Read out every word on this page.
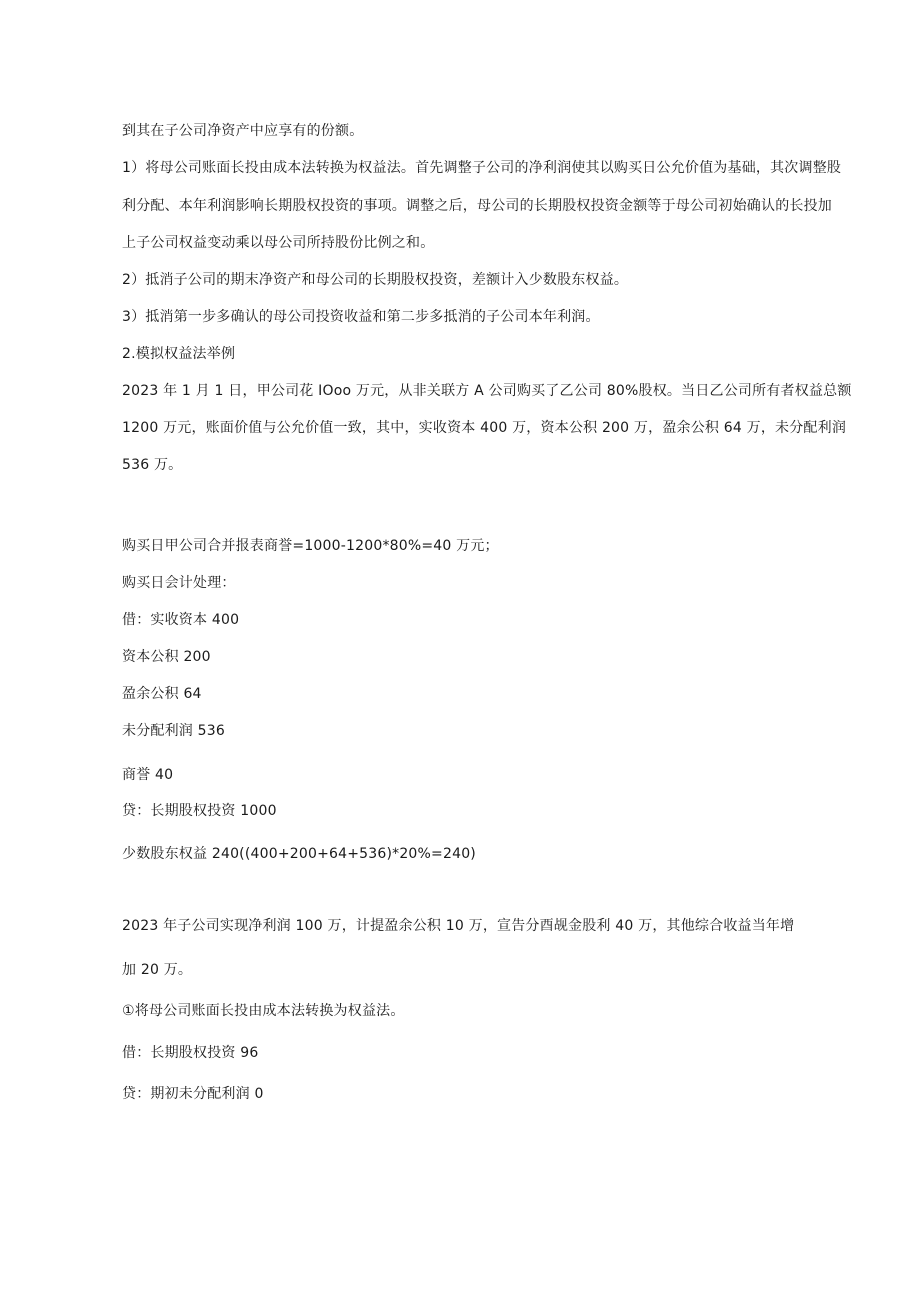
到其在子公司净资产中应享有的份额。
1）将母公司账面长投由成本法转换为权益法。首先调整子公司的净利润使其以购买日公允价值为基础，其次调整股
利分配、本年利润影响长期股权投资的事项。调整之后，母公司的长期股权投资金额等于母公司初始确认的长投加
上子公司权益变动乘以母公司所持股份比例之和。
2）抵消子公司的期末净资产和母公司的长期股权投资，差额计入少数股东权益。
3）抵消第一步多确认的母公司投资收益和第二步多抵消的子公司本年利润。
2.模拟权益法举例
2023 年 1 月 1 日，甲公司花 IOoo 万元，从非关联方 A 公司购买了乙公司 80%股权。当日乙公司所有者权益总额
1200 万元，账面价值与公允价值一致，其中，实收资本 400 万，资本公积 200 万，盈余公积 64 万，未分配利润
536 万。
购买日甲公司合并报表商誉=1000-1200*80%=40 万元；
购买日会计处理：
借：实收资本 400
资本公积 200
盈余公积 64
未分配利润 536
商誉 40
贷：长期股权投资 1000
少数股东权益 240((400+200+64+536)*20%=240)
2023 年子公司实现净利润 100 万，计提盈余公积 10 万，宣告分酉觇金股利 40 万，其他综合收益当年增
加 20 万。
①将母公司账面长投由成本法转换为权益法。
借：长期股权投资 96
贷：期初未分配利润 0
